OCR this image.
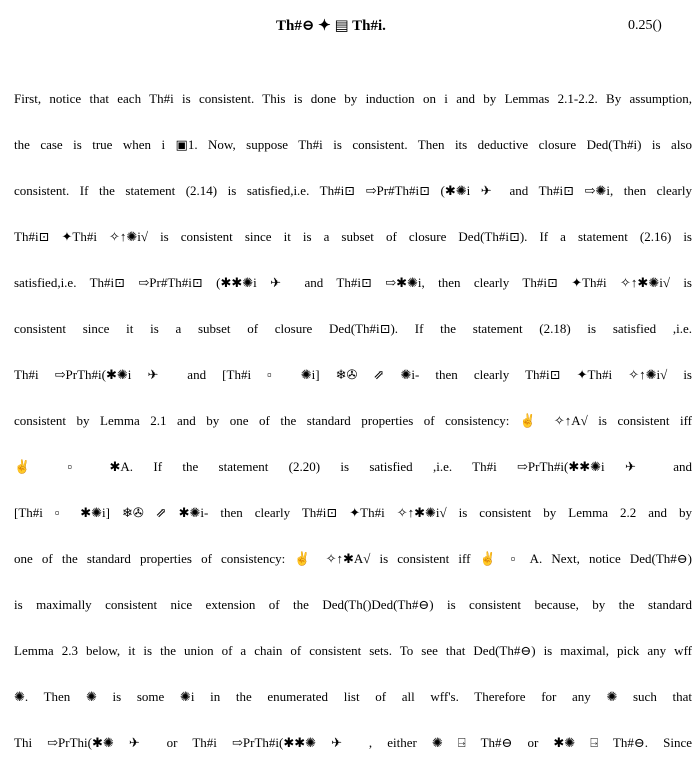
Th#⊖ ✦ ▤ Th#i.	0.25()
First, notice that each Th#i is consistent. This is done by induction on i and by Lemmas 2.1-2.2. By assumption,
the case is true when i ▣1. Now, suppose Th#i is consistent. Then its deductive closure Ded(Th#i) is also
consistent. If the statement (2.14) is satisfied,i.e. Th#i⊡ ⇨Pr#Th#i⊡ (✱✺i ✈ and Th#i⊡ ⇨✺i, then clearly
Th#i⊡ ✦Th#i ✧↑✺i√ is consistent since it is a subset of closure Ded(Th#i⊡). If a statement (2.16) is
satisfied,i.e. Th#i⊡ ⇨Pr#Th#i⊡ (✱✱✺i ✈ and Th#i⊡ ⇨✱✺i, then clearly Th#i⊡ ✦Th#i ✧↑✱✺i√ is
consistent since it is a subset of closure Ded(Th#i⊡). If the statement (2.18) is satisfied ,i.e.
Th#i ⇨PrTh#i(✱✺i ✈ and [Th#i ▫ ✺i] ❄✇ ⇗ ✺i- then clearly Th#i⊡ ✦Th#i ✧↑✺i√ is
consistent by Lemma 2.1 and by one of the standard properties of consistency: ✌ ✧↑A√ is consistent iff
✌ ▫ ✱A. If the statement (2.20) is satisfied ,i.e. Th#i ⇨PrTh#i(✱✱✺i ✈ and
[Th#i ▫ ✱✺i] ❄✇ ⇗ ✱✺i- then clearly Th#i⊡ ✦Th#i ✧↑✱✺i√ is consistent by Lemma 2.2 and by
one of the standard properties of consistency: ✌ ✧↑✱A√ is consistent iff ✌ ▫ A. Next, notice Ded(Th#⊖)
is maximally consistent nice extension of the Ded(Th()Ded(Th#⊖) is consistent because, by the standard
Lemma 2.3 below, it is the union of a chain of consistent sets. To see that Ded(Th#⊖) is maximal, pick any wff
✺. Then ✺ is some ✺i in the enumerated list of all wff's. Therefore for any ✺ such that
Thi ⇨PrThi(✱✺ ✈ or Th#i ⇨PrTh#i(✱✱✺ ✈ , either ✺ ⍈ Th#⊖ or ✱✺ ⍈ Th#⊖. Since
